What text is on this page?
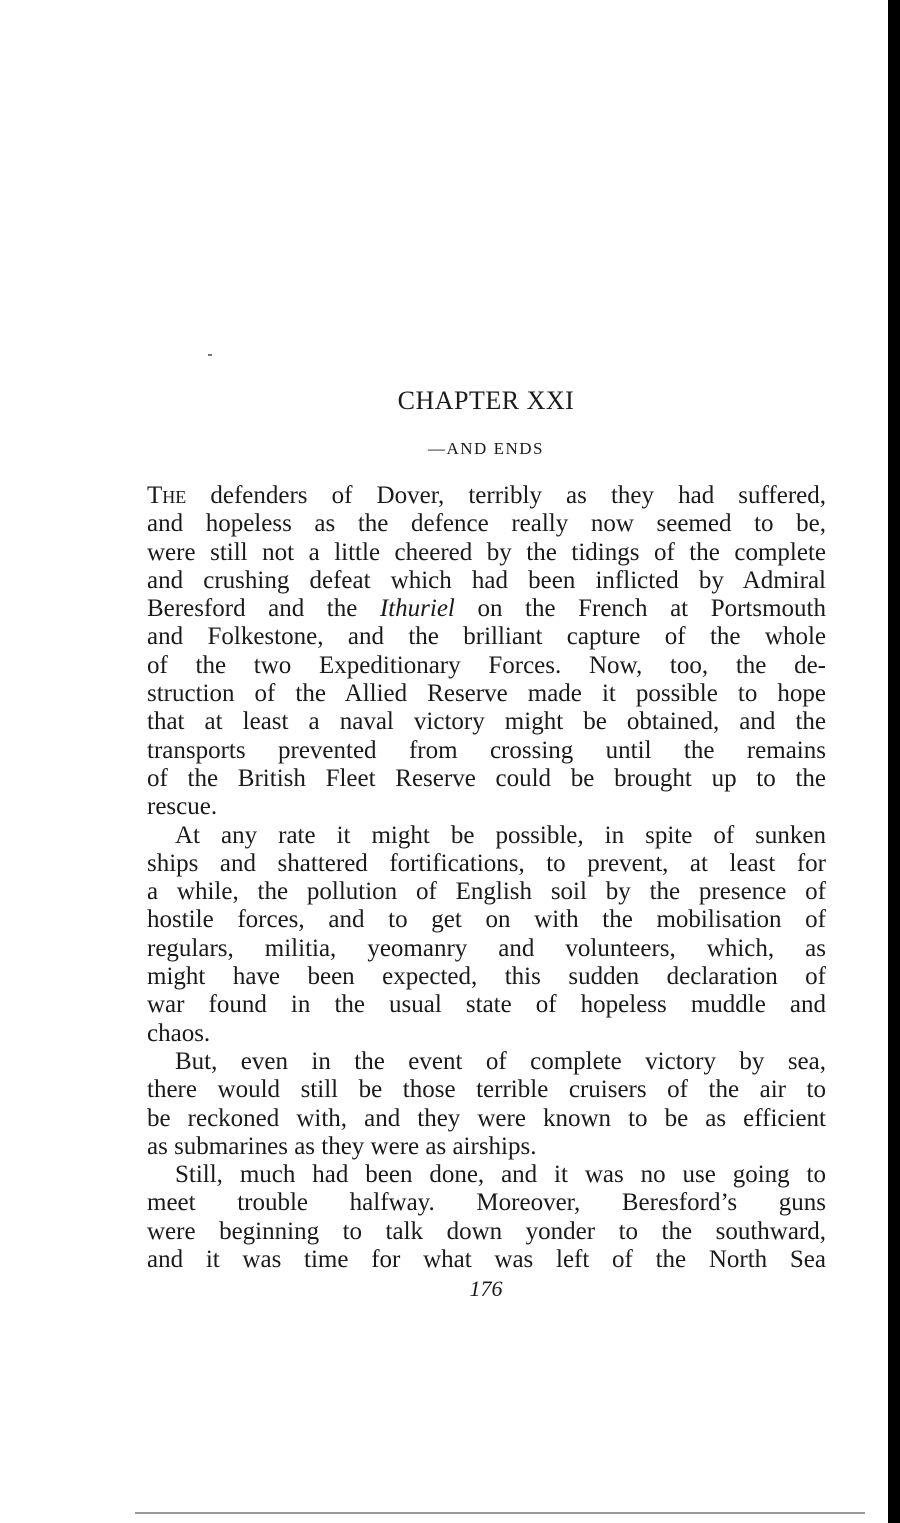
CHAPTER XXI
—AND ENDS
The defenders of Dover, terribly as they had suffered,
and hopeless as the defence really now seemed to be,
were still not a little cheered by the tidings of the complete
and crushing defeat which had been inflicted by Admiral
Beresford and the Ithuriel on the French at Portsmouth
and Folkestone, and the brilliant capture of the whole
of the two Expeditionary Forces. Now, too, the de-
struction of the Allied Reserve made it possible to hope
that at least a naval victory might be obtained, and the
transports prevented from crossing until the remains
of the British Fleet Reserve could be brought up to the
rescue.
At any rate it might be possible, in spite of sunken
ships and shattered fortifications, to prevent, at least for
a while, the pollution of English soil by the presence of
hostile forces, and to get on with the mobilisation of
regulars, militia, yeomanry and volunteers, which, as
might have been expected, this sudden declaration of
war found in the usual state of hopeless muddle and
chaos.
But, even in the event of complete victory by sea,
there would still be those terrible cruisers of the air to
be reckoned with, and they were known to be as efficient
as submarines as they were as airships.
Still, much had been done, and it was no use going to
meet trouble halfway. Moreover, Beresford’s guns
were beginning to talk down yonder to the southward,
and it was time for what was left of the North Sea
176
